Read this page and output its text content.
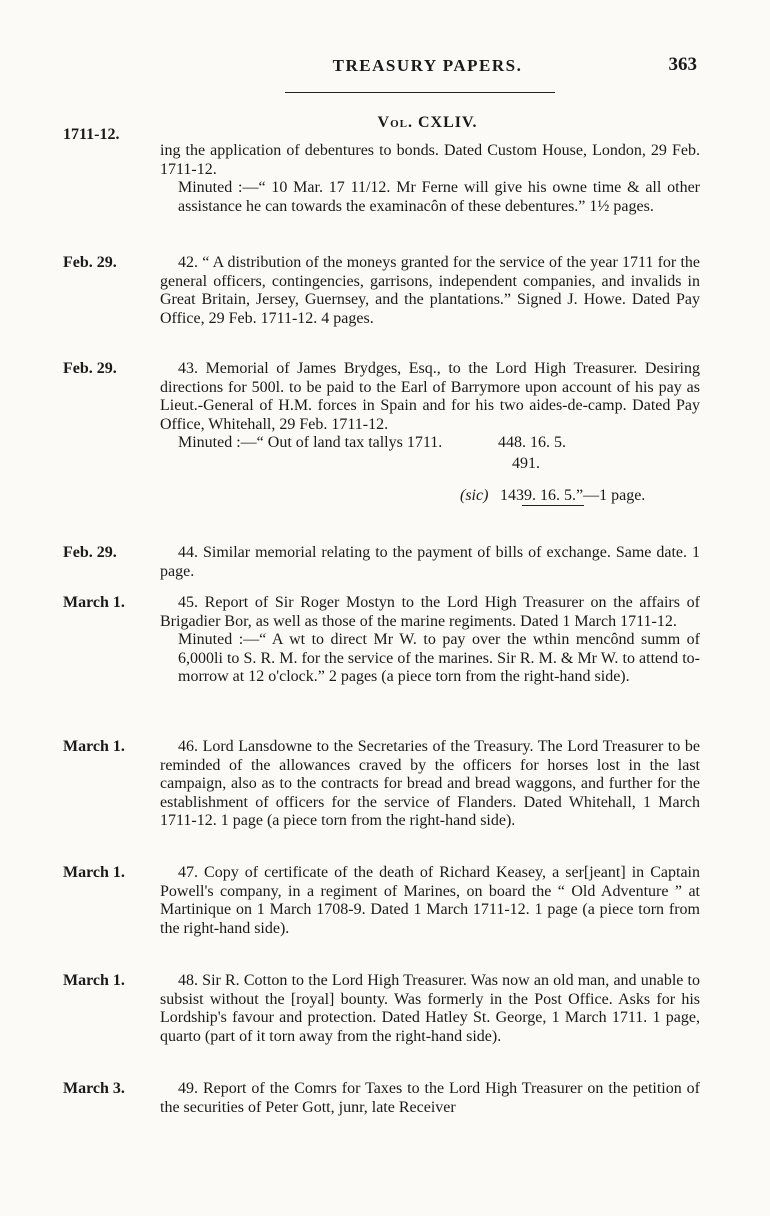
TREASURY PAPERS.	363
Vol. CXLIV.
1711-12.

ing the application of debentures to bonds. Dated Custom House, London, 29 Feb. 1711-12.

Minuted :—“ 10 Mar. 17 11/12. Mr Ferne will give his owne time & all other assistance he can towards the examinacôn of these debentures.” 1½ pages.

Feb. 29.	42. “ A distribution of the moneys granted for the service of the year 1711 for the general officers, contingencies, garrisons, independent companies, and invalids in Great Britain, Jersey, Guernsey, and the plantations.” Signed J. Howe. Dated Pay Office, 29 Feb. 1711-12. 4 pages.

Feb. 29.	43. Memorial of James Brydges, Esq., to the Lord High Treasurer. Desiring directions for 500l. to be paid to the Earl of Barrymore upon account of his pay as Lieut.-General of H.M. forces in Spain and for his two aides-de-camp. Dated Pay Office, Whitehall, 29 Feb. 1711-12.

Minuted :—“ Out of land tax tallys 1711.	448. 16. 5.
491.
(sic) 1439. 16. 5.”—1 page.
Feb. 29.	44. Similar memorial relating to the payment of bills of exchange. Same date. 1 page.

March 1.	45. Report of Sir Roger Mostyn to the Lord High Treasurer on the affairs of Brigadier Bor, as well as those of the marine regiments. Dated 1 March 1711-12.

Minuted :—“ A wt to direct Mr W. to pay over the wthin mencônd summ of 6,000li to S. R. M. for the service of the marines. Sir R. M. & Mr W. to attend to-morrow at 12 o'clock.” 2 pages (a piece torn from the right-hand side).

March 1.	46. Lord Lansdowne to the Secretaries of the Treasury. The Lord Treasurer to be reminded of the allowances craved by the officers for horses lost in the last campaign, also as to the contracts for bread and bread waggons, and further for the establishment of officers for the service of Flanders. Dated Whitehall, 1 March 1711-12. 1 page (a piece torn from the right-hand side).

March 1.	47. Copy of certificate of the death of Richard Keasey, a ser[jeant] in Captain Powell's company, in a regiment of Marines, on board the “ Old Adventure ” at Martinique on 1 March 1708-9. Dated 1 March 1711-12. 1 page (a piece torn from the right-hand side).

March 1.	48. Sir R. Cotton to the Lord High Treasurer. Was now an old man, and unable to subsist without the [royal] bounty. Was formerly in the Post Office. Asks for his Lordship's favour and protection. Dated Hatley St. George, 1 March 1711. 1 page, quarto (part of it torn away from the right-hand side).

March 3.	49. Report of the Comrs for Taxes to the Lord High Treasurer on the petition of the securities of Peter Gott, junr, late Receiver
